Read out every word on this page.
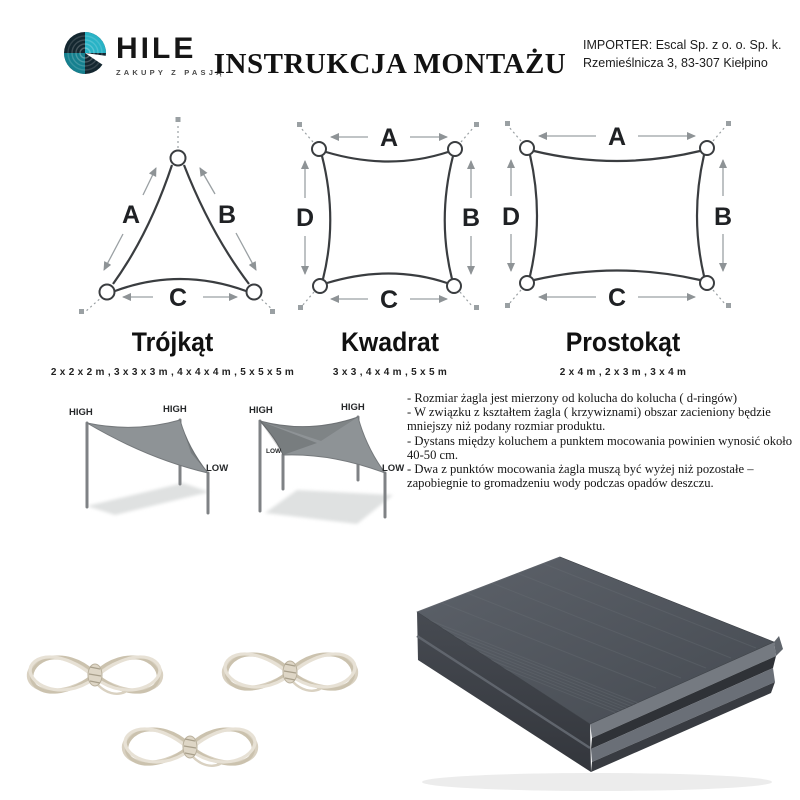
HILE
ZAKUPY Z PASJĄ
INSTRUKCJA MONTAŻU
IMPORTER: Escal Sp. z o. o. Sp. k.
Rzemieślnicza 3, 83-307 Kiełpino
A	B
C
Trójkąt
2 x 2 x 2 m , 3 x 3 x 3 m , 4 x 4 x 4 m , 5 x 5 x 5 m
A
B
C
D
Kwadrat
3 x 3 , 4 x 4 m , 5 x 5 m
A
B
C
D
Prostokąt
2 x 4 m , 2 x 3 m , 3 x 4 m
HIGH	HIGH
LOW
HIGH	HIGH
LOW
LOW
- Rozmiar żagla jest mierzony od kolucha do kolucha ( d-ringów)
- W związku z kształtem żagla ( krzywiznami) obszar zacieniony będzie mniejszy niż podany rozmiar produktu.
- Dystans między koluchem a punktem mocowania powinien wynosić około 40-50 cm.
- Dwa z punktów mocowania żagla muszą być wyżej niż pozostałe – zapobiegnie to gromadzeniu wody podczas opadów deszczu.
